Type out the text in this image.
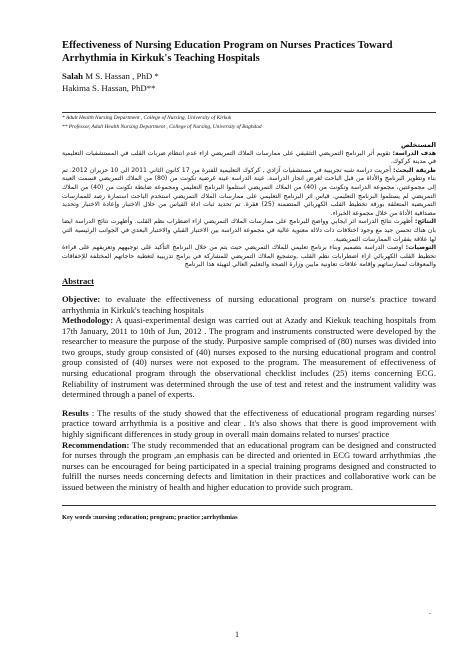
Effectiveness of Nursing Education Program on Nurses Practices Toward Arrhythmia in Kirkuk's Teaching Hospitals
Salah M S. Hassan , PhD *
Hakima S. Hassan, PhD**
* Adult Health Nursing Department , College of Nursing, University of Kirkuk
** Professor, Adult Health Nursing Department , College of Nursing, University of Baghdad

المستخلص

هدف الدراسة: تقويم أثر البرنامج التمريضي التثقيفي على ممارسات الملاك التمريضي ازاء عدم انتظام ضربات القلب في المستشفيات التعليمية في مدينة كركوك.

طريقة البحث: أجريت دراسة شبه تجريبية في مستشفيات آزادي , كركوك التعليمية للفترة من 17 كانون الثاني 2011 الى 10 حزيران 2012. تم بناء وتطوير البرنامج والأداة من قبل الباحث لغرض انجاز الدراسة. عينة الدراسة عينة غرضية تكونت من (80) من الملاك التمريضي قسمت العينة إلى مجموعتين، مجموعة الدراسة وتكونت من (40) من الملاك التمريضي استلموا البرنامج التعليمي ومجموعة ضابطة تكونت من (40) من الملاك التمريضي لم يستلموا البرنامج التعليمي. قياس اثر البرنامج التعليمي على ممارسات الملاك التمريضي استخدم الباحث استمارة رصد للممارسات التمريضية المتعلقة بورقة تخطيط القلب الكهربائي المتضمنة (25) فقرة. تم تحديد ثبات اداة القياس من خلال الاختبار وإعادة الاختبار وتحديد مصداقية الأداة من خلال مجموعة الخبراء.

النتائج: أظهرت نتائج الدراسة اثر ايجابي وواضح للبرنامج على ممارسات الملاك التمريضي ازاء اضطراب نظم القلب. وأظهرت نتائج الدراسة ايضا بان هناك تحسن جيد مع وجود اختلافات ذات دلالة معنوية عالية في مجموعة الدراسة بين الاختبار القبلي والاختبار البعدي في الجوانب الرئيسية التي لها علاقة بفقرات الممارسات التمريضية.

التوصيات: اوصت الدراسة بتصميم وبناء برنامج تعليمي للملاك التمريضي حيث يتم من خلال البرنامج التأكيد على توجيههم وتعريفهم على قراءة تخطيط القلب الكهربائي ازاء اضطرابات نظم القلب ,وتشجيع الملاك التمريضي للمشاركة في برامج تدريبية لتغطية حاجاتهم المختلفة للإخفاقات والمعوقات لممارساتهم وإقامة علاقات تعاونية مابين وزارة الصحة والتعليم العالي لتهيئة هذا البرنامج

Abstract

Objective: to evaluate the effectiveness of nursing educational program on nurse's practice toward arrhythmia in Kirkuk's teaching hospitals

Methodology: A quasi-experimental design was carried out at Azady and Kiekuk teaching hospitals from 17th January, 2011 to 10th of Jun, 2012 . The program and instruments constructed were developed by the researcher to measure the purpose of the study. Purposive sample comprised of (80) nurses was divided into two groups, study group consisted of (40) nurses exposed to the nursing educational program and control group consisted of (40) nurses were not exposed to the program. The measurement of effectiveness of nursing educational program through the observational checklist includes (25) items concerning ECG. Reliability of instrument was determined through the use of test and retest and the instrument validity was determined through a panel of experts.

Results : The results of the study showed that the effectiveness of educational program regarding nurses' practice toward arrhythmia is a positive and clear . It's also shows that there is good improvement with highly significant differences in study group in overall main domains related to nurses' practice

Recommendation: The study recommended that an educational program can be designed and constructed for nurses through the program ,an emphasis can be directed and oriented in ECG toward arrhythmias ,the nurses can be encouraged for being participated in a special training programs designed and constructed to fulfill the nurses needs concerning defects and limitation in their practices and collaborative work can be issued between the ministry of health and higher education to provide such program.

Key words :nursing ;education; program; practice ;arrhythmias
.
1
